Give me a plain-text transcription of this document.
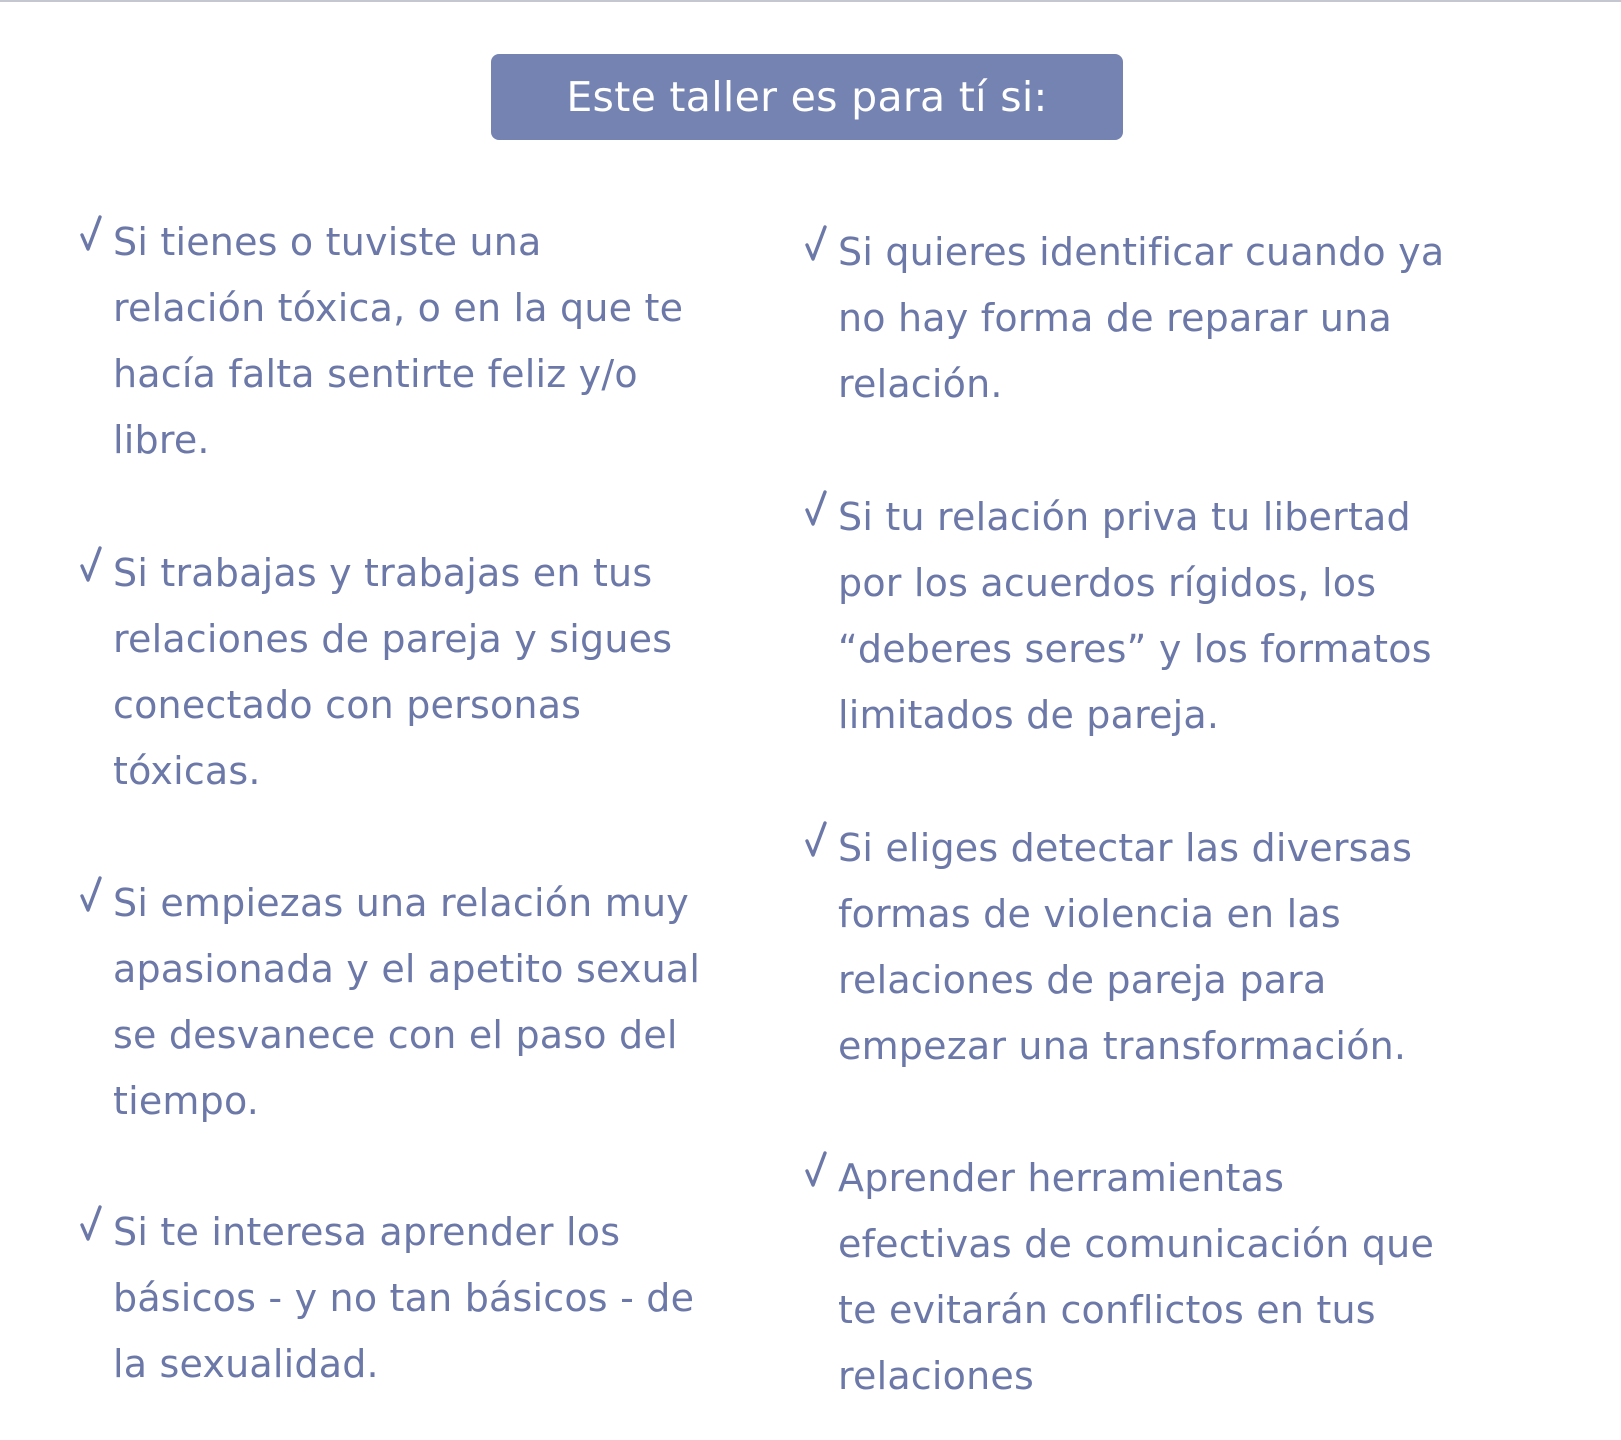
Este taller es para tí si:
Si tienes o tuviste una
relación tóxica, o en la que te
hacía falta sentirte feliz y/o
libre.
Si trabajas y trabajas en tus
relaciones de pareja y sigues
conectado con personas
tóxicas.
Si empiezas una relación muy
apasionada y el apetito sexual
se desvanece con el paso del
tiempo.
Si te interesa aprender los
básicos - y no tan básicos - de
la sexualidad.
Si quieres identificar cuando ya
no hay forma de reparar una
relación.
Si tu relación priva tu libertad
por los acuerdos rígidos, los
“deberes seres” y los formatos
limitados de pareja.
Si eliges detectar las diversas
formas de violencia en las
relaciones de pareja para
empezar una transformación.
Aprender herramientas
efectivas de comunicación que
te evitarán conflictos en tus
relaciones
